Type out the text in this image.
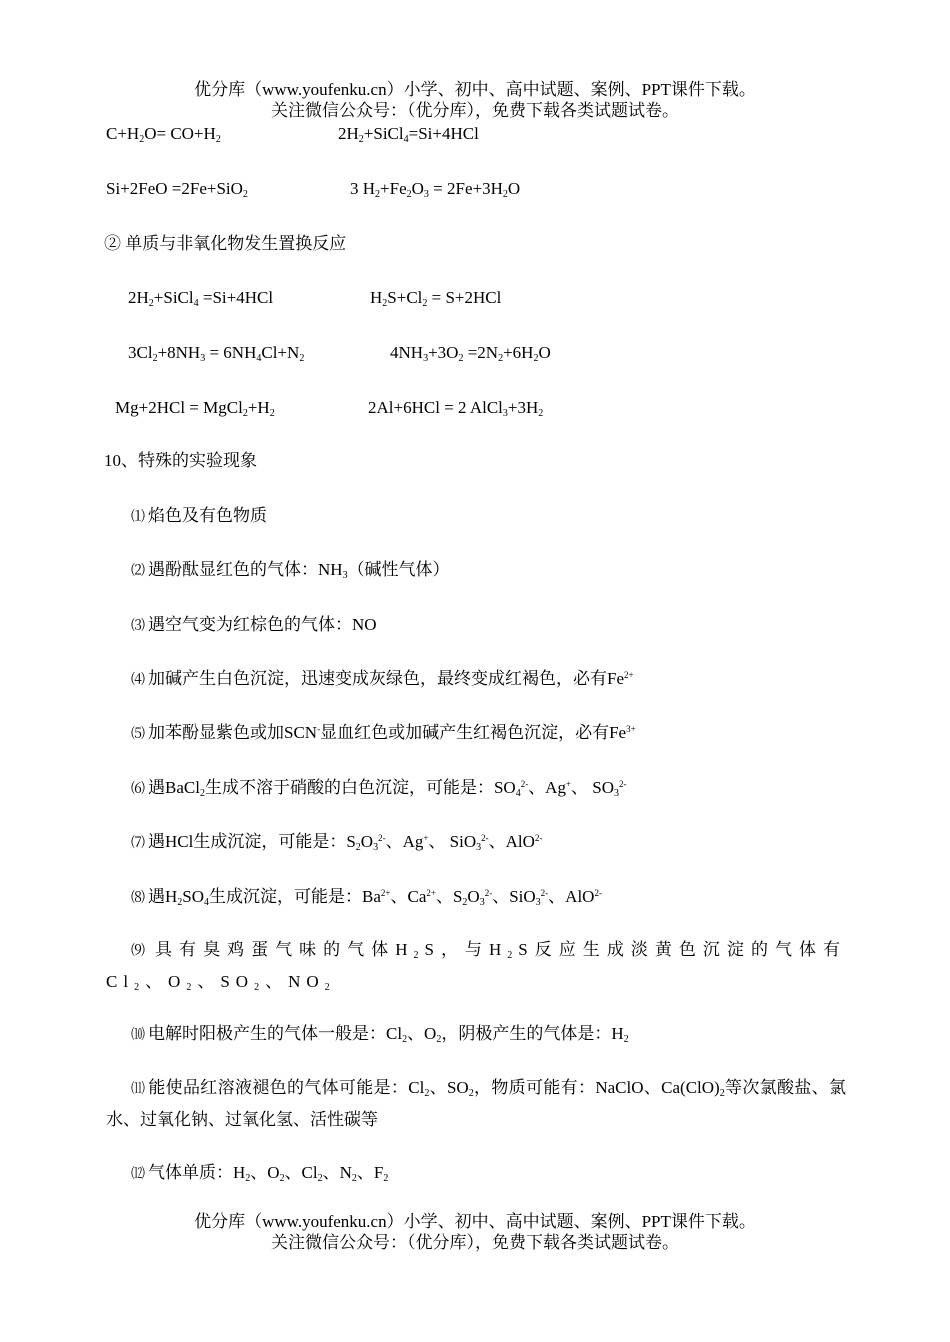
优分库（www.youfenku.cn）小学、初中、高中试题、案例、PPT课件下载。
关注微信公众号：（优分库），免费下载各类试题试卷。
$C+H_2O= CO+H_2$	$2H_2+SiCl_4=Si+4HCl$
Si+2FeO =2Fe+SiO$_2$	3 $H_2+Fe_2O_3 = 2Fe+3H_2O$
② 单质与非氧化物发生置换反应
$2H_2+SiCl_4 =Si+4HCl$	$H_2S+Cl_2 = S+2HCl$
$3Cl_2+8NH_3 = 6NH_4Cl+N_2$	$4NH_3+3O_2 =2N_2+6H_2O$
$Mg+2HCl = MgCl_2+H_2$	2Al+6HCl = 2 $AlCl_3+3H_2$
10、特殊的实验现象
⑴ 焰色及有色物质
⑵ 遇酚酞显红色的气体：$NH_3$（碱性气体）
⑶ 遇空气变为红棕色的气体：NO
⑷ 加碱产生白色沉淀，迅速变成灰绿色，最终变成红褐色，必有$Fe^{2+}$
⑸ 加苯酚显紫色或加SCN-显血红色或加碱产生红褐色沉淀，必有$Fe^{3+}$
⑹ 遇BaCl$_2$生成不溶于硝酸的白色沉淀，可能是：$SO_4^{2-}$、Ag+、 $SO_3^{2-}$
⑺ 遇HCl生成沉淀，可能是：$S_2O_3^{2-}$、Ag+、 SiO$_3^{2-}$、AlO$^{2-}$
⑻ 遇$H_2SO_4$生成沉淀，可能是：$Ba^{2+}$、$Ca^{2+}$、$S_2O_3^{2-}$、SiO$_3^{2-}$、AlO$^{2-}$
⑼ 具有臭鸡蛋气味的气体$H_2S$，与$H_2S$反应生成淡黄色沉淀的气体有$Cl_2$、$O_2$、$SO_2$、$NO_2$
⑽ 电解时阳极产生的气体一般是：$Cl_2$、$O_2$，阴极产生的气体是：$H_2$
⑾ 能使品红溶液褪色的气体可能是：$Cl_2$、$SO_2$，物质可能有：NaClO、$Ca(ClO)_2$等次氯酸盐、氯水、过氧化钠、过氧化氢、活性碳等
⑿ 气体单质：$H_2$、$O_2$、$Cl_2$、$N_2$、$F_2$
优分库（www.youfenku.cn）小学、初中、高中试题、案例、PPT课件下载。
关注微信公众号：（优分库），免费下载各类试题试卷。
